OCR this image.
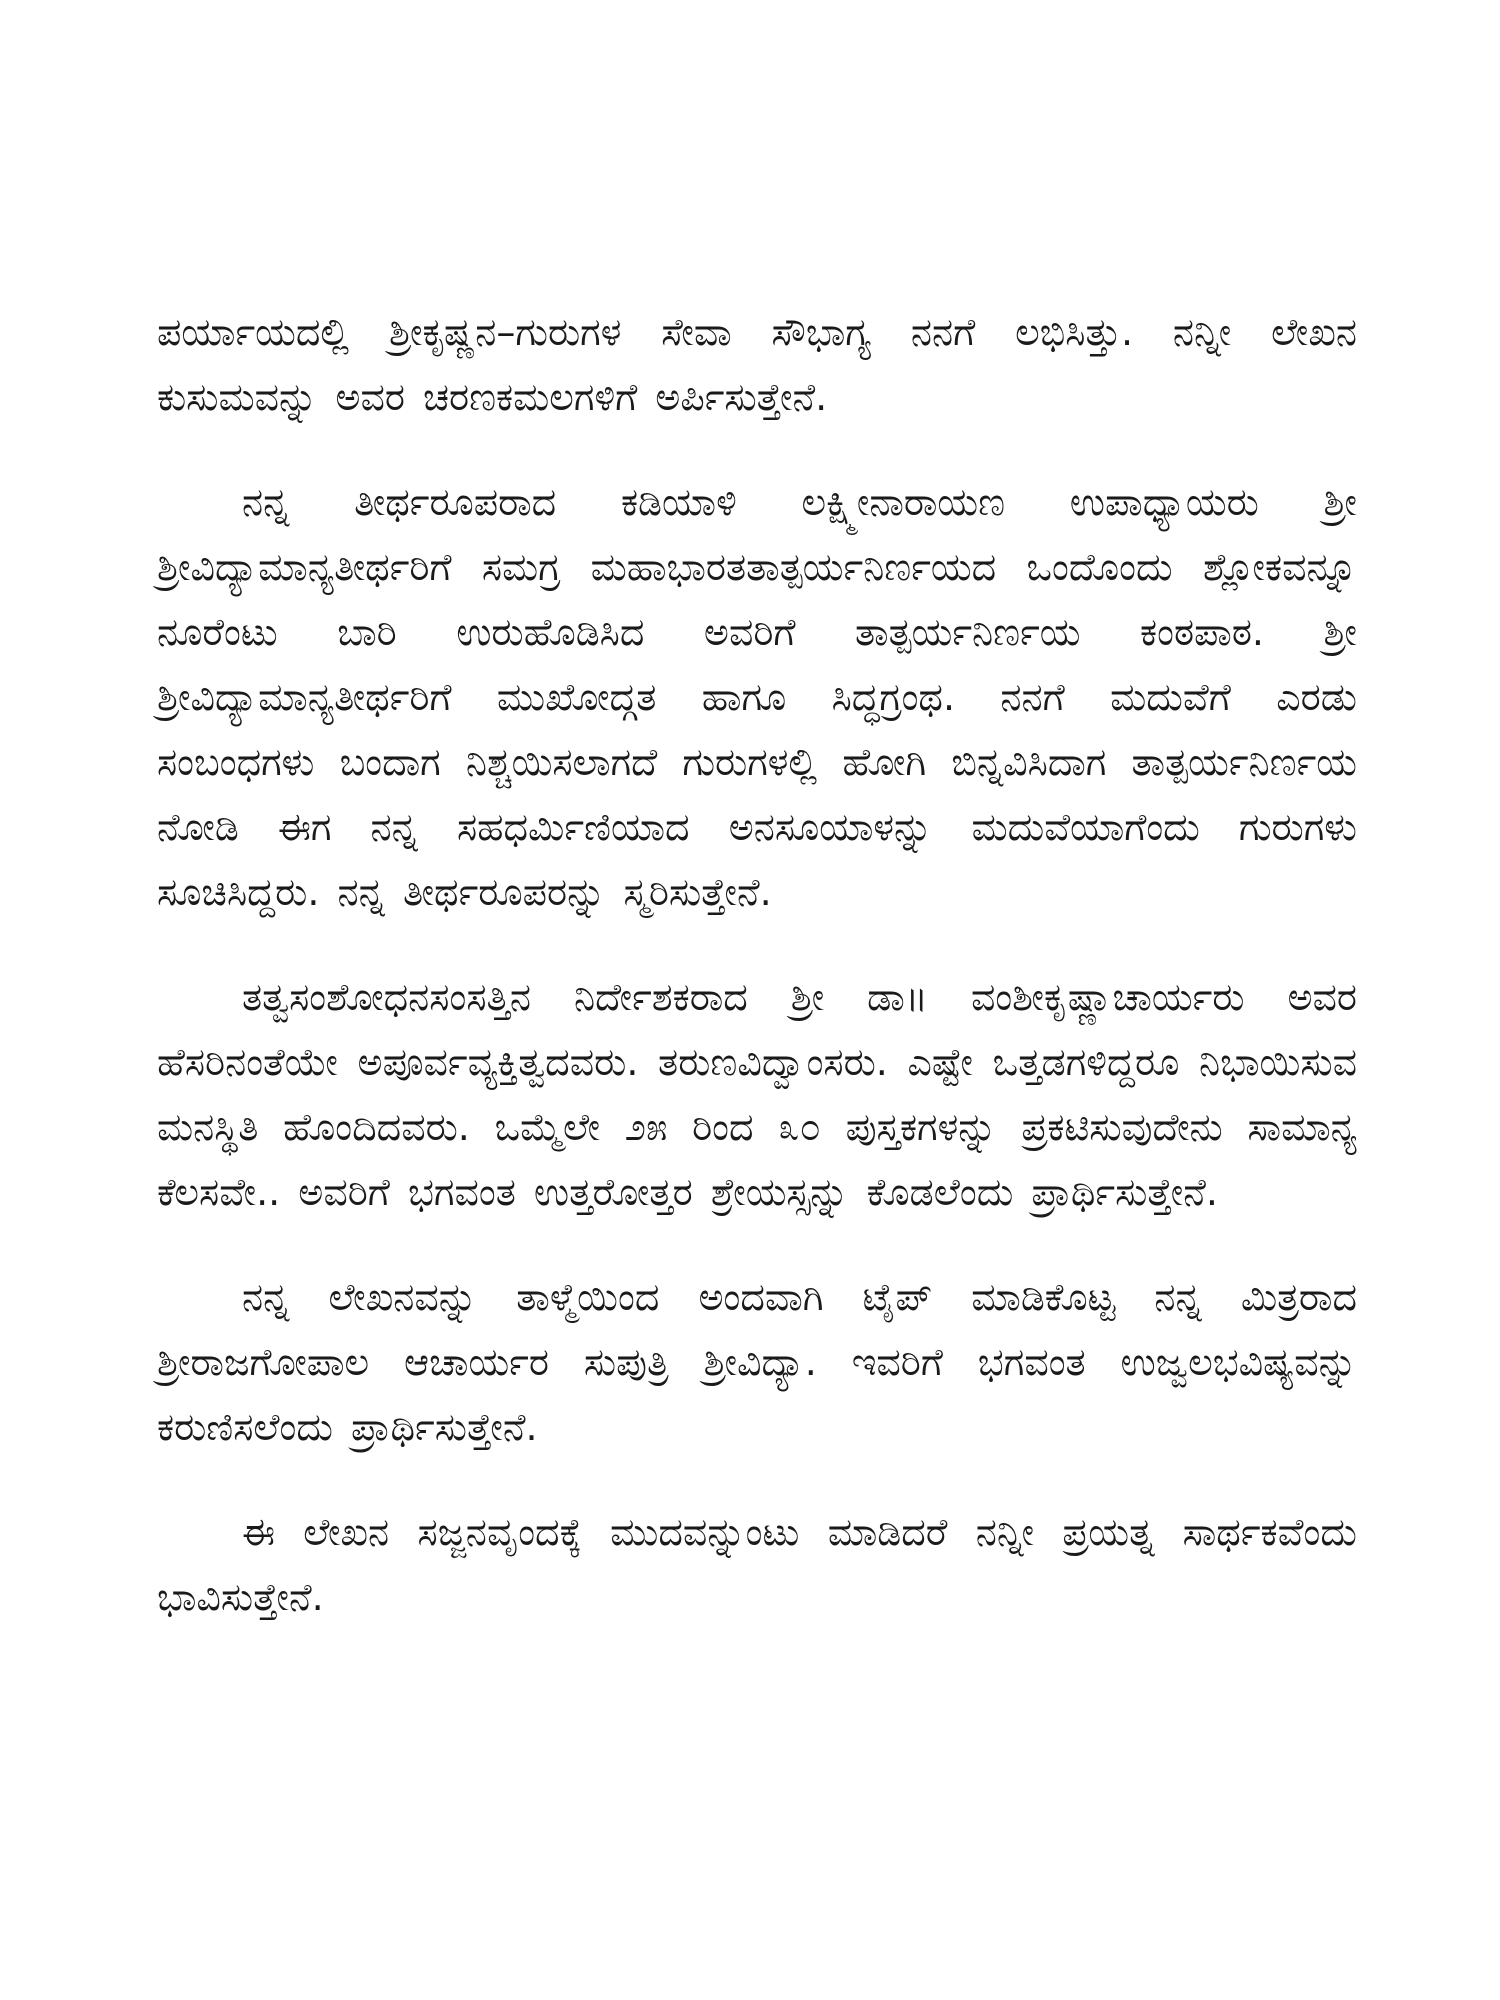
ಪರ್ಯಾಯದಲ್ಲಿ ಶ್ರೀಕೃಷ್ಣನ–ಗುರುಗಳ ಸೇವಾ ಸೌಭಾಗ್ಯ ನನಗೆ ಲಭಿಸಿತ್ತು. ನನ್ನೀ ಲೇಖನ ಕುಸುಮವನ್ನು ಅವರ ಚರಣಕಮಲಗಳಿಗೆ ಅರ್ಪಿಸುತ್ತೇನೆ.

ನನ್ನ ತೀರ್ಥರೂಪರಾದ ಕಡಿಯಾಳಿ ಲಕ್ಷ್ಮೀನಾರಾಯಣ ಉಪಾಧ್ಯಾಯರು ಶ್ರೀ ಶ್ರೀವಿದ್ಯಾಮಾನ್ಯತೀರ್ಥರಿಗೆ ಸಮಗ್ರ ಮಹಾಭಾರತತಾತ್ಪರ್ಯನಿರ್ಣಯದ ಒಂದೊಂದು ಶ್ಲೋಕವನ್ನೂ ನೂರೆಂಟು ಬಾರಿ ಉರುಹೊಡಿಸಿದ ಅವರಿಗೆ ತಾತ್ಪರ್ಯನಿರ್ಣಯ ಕಂಠಪಾಠ. ಶ್ರೀ ಶ್ರೀವಿದ್ಯಾಮಾನ್ಯತೀರ್ಥರಿಗೆ ಮುಖೋದ್ಗತ ಹಾಗೂ ಸಿದ್ಧಗ್ರಂಥ. ನನಗೆ ಮದುವೆಗೆ ಎರಡು ಸಂಬಂಧಗಳು ಬಂದಾಗ ನಿಶ್ಚಯಿಸಲಾಗದೆ ಗುರುಗಳಲ್ಲಿ ಹೋಗಿ ಬಿನ್ನವಿಸಿದಾಗ ತಾತ್ಪರ್ಯನಿರ್ಣಯ ನೋಡಿ ಈಗ ನನ್ನ ಸಹಧರ್ಮಿಣಿಯಾದ ಅನಸೂಯಾಳನ್ನು ಮದುವೆಯಾಗೆಂದು ಗುರುಗಳು ಸೂಚಿಸಿದ್ದರು. ನನ್ನ ತೀರ್ಥರೂಪರನ್ನು ಸ್ಮರಿಸುತ್ತೇನೆ.

ತತ್ವಸಂಶೋಧನಸಂಸತ್ತಿನ ನಿರ್ದೇಶಕರಾದ ಶ್ರೀ ಡಾ॥ ವಂಶೀಕೃಷ್ಣಾಚಾರ್ಯರು ಅವರ ಹೆಸರಿನಂತೆಯೇ ಅಪೂರ್ವವ್ಯಕ್ತಿತ್ವದವರು. ತರುಣವಿದ್ವಾಂಸರು. ಎಷ್ಟೇ ಒತ್ತಡಗಳಿದ್ದರೂ ನಿಭಾಯಿಸುವ ಮನಸ್ಥಿತಿ ಹೊಂದಿದವರು. ಒಮ್ಮೆಲೇ ೨೫ ರಿಂದ ೩೦ ಪುಸ್ತಕಗಳನ್ನು ಪ್ರಕಟಿಸುವುದೇನು ಸಾಮಾನ್ಯ ಕೆಲಸವೇ.. ಅವರಿಗೆ ಭಗವಂತ ಉತ್ತರೋತ್ತರ ಶ್ರೇಯಸ್ಸನ್ನು ಕೊಡಲೆಂದು ಪ್ರಾರ್ಥಿಸುತ್ತೇನೆ.

ನನ್ನ ಲೇಖನವನ್ನು ತಾಳ್ಮೆಯಿಂದ ಅಂದವಾಗಿ ಟೈಪ್ ಮಾಡಿಕೊಟ್ಟ ನನ್ನ ಮಿತ್ರರಾದ ಶ್ರೀರಾಜಗೋಪಾಲ ಆಚಾರ್ಯರ ಸುಪುತ್ರಿ ಶ್ರೀವಿದ್ಯಾ. ಇವರಿಗೆ ಭಗವಂತ ಉಜ್ವಲಭವಿಷ್ಯವನ್ನು ಕರುಣಿಸಲೆಂದು ಪ್ರಾರ್ಥಿಸುತ್ತೇನೆ.

ಈ ಲೇಖನ ಸಜ್ಜನವೃಂದಕ್ಕೆ ಮುದವನ್ನುಂಟು ಮಾಡಿದರೆ ನನ್ನೀ ಪ್ರಯತ್ನ ಸಾರ್ಥಕವೆಂದು ಭಾವಿಸುತ್ತೇನೆ.
